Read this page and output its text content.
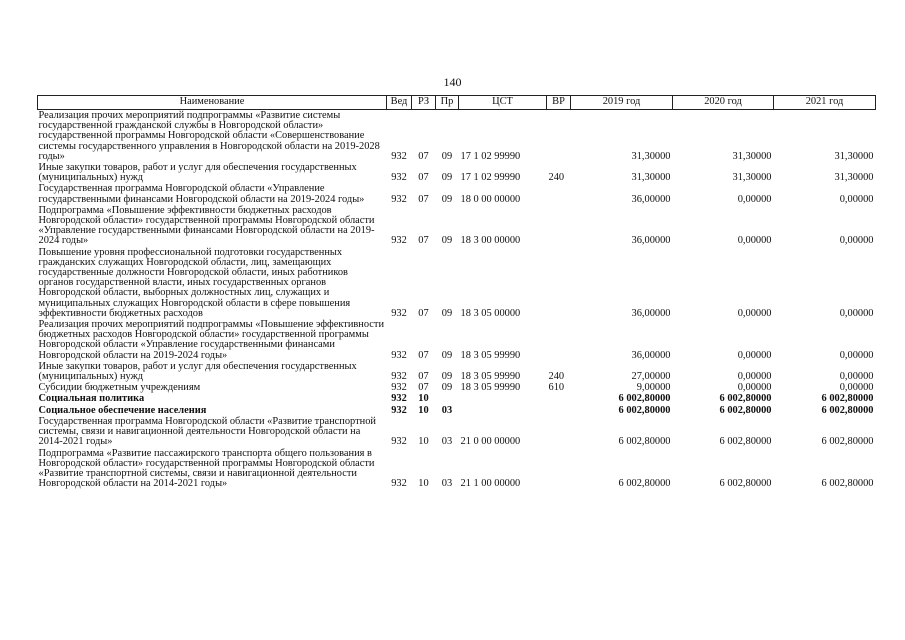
140
Наименование	Вед	РЗ	Пр	ЦСТ	ВР	2019 год	2020 год	2021 год
Реализация прочих мероприятий подпрограммы «Развитие системы государственной гражданской службы в Новгородской области» государственной программы Новгородской области «Совершенствование системы государственного управления в Новгородской области на 2019-2028 годы»	932	07	09	17 1 02 99990		31,30000	31,30000	31,30000
Иные закупки товаров, работ и услуг для обеспечения государственных (муниципальных) нужд	932	07	09	17 1 02 99990	240	31,30000	31,30000	31,30000
Государственная программа Новгородской области «Управление государственными финансами Новгородской области на 2019-2024 годы»	932	07	09	18 0 00 00000		36,00000	0,00000	0,00000
Подпрограмма «Повышение эффективности бюджетных расходов Новгородской области» государственной программы Новгородской области «Управление государственными финансами Новгородской области на 2019-2024 годы»	932	07	09	18 3 00 00000		36,00000	0,00000	0,00000
Повышение уровня профессиональной подготовки государственных гражданских служащих Новгородской области, лиц, замещающих государственные должности Новгородской области, иных работников органов государственной власти, иных государственных органов Новгородской области, выборных должностных лиц, служащих и муниципальных служащих Новгородской области в сфере повышения эффективности бюджетных расходов	932	07	09	18 3 05 00000		36,00000	0,00000	0,00000
Реализация прочих мероприятий подпрограммы «Повышение эффективности бюджетных расходов Новгородской области» государственной программы Новгородской области «Управление государственными финансами Новгородской области на 2019-2024 годы»	932	07	09	18 3 05 99990		36,00000	0,00000	0,00000
Иные закупки товаров, работ и услуг для обеспечения государственных (муниципальных) нужд	932	07	09	18 3 05 99990	240	27,00000	0,00000	0,00000
Субсидии бюджетным учреждениям	932	07	09	18 3 05 99990	610	9,00000	0,00000	0,00000
Социальная политика	932	10				6 002,80000	6 002,80000	6 002,80000
Социальное обеспечение населения	932	10	03			6 002,80000	6 002,80000	6 002,80000
Государственная программа Новгородской области «Развитие транспортной системы, связи и навигационной деятельности Новгородской области на 2014-2021 годы»	932	10	03	21 0 00 00000		6 002,80000	6 002,80000	6 002,80000
Подпрограмма «Развитие пассажирского транспорта общего пользования в Новгородской области» государственной программы Новгородской области «Развитие транспортной системы, связи и навигационной деятельности Новгородской области на 2014-2021 годы»	932	10	03	21 1 00 00000		6 002,80000	6 002,80000	6 002,80000
